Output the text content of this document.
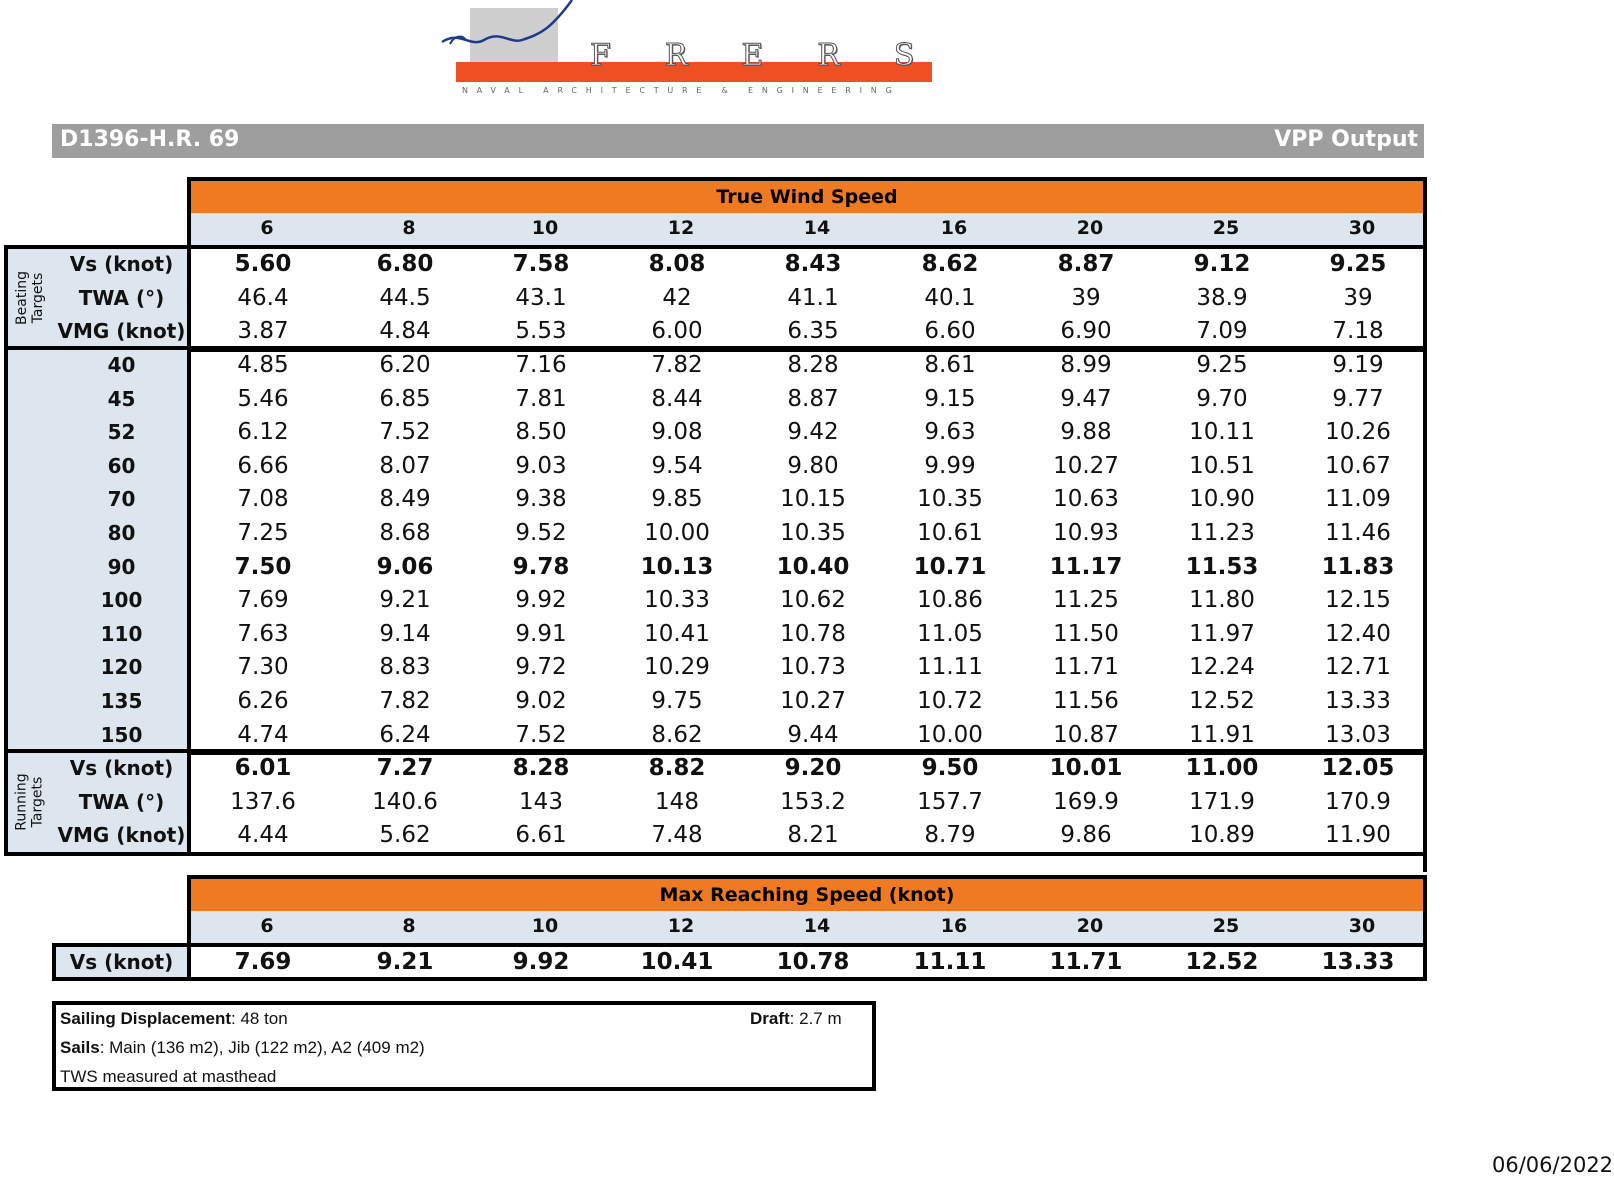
FRERS
NAVAL ARCHITECTURE & ENGINEERING
D1396-H.R. 69	VPP Output
True Wind Speed
6	8	10	12	14	16	20	25	30
Beating
Targets
Vs (knot)	5.60	6.80	7.58	8.08	8.43	8.62	8.87	9.12	9.25
TWA (°)	46.4	44.5	43.1	42	41.1	40.1	39	38.9	39
VMG (knot)	3.87	4.84	5.53	6.00	6.35	6.60	6.90	7.09	7.18
40	4.85	6.20	7.16	7.82	8.28	8.61	8.99	9.25	9.19
45	5.46	6.85	7.81	8.44	8.87	9.15	9.47	9.70	9.77
52	6.12	7.52	8.50	9.08	9.42	9.63	9.88	10.11	10.26
60	6.66	8.07	9.03	9.54	9.80	9.99	10.27	10.51	10.67
70	7.08	8.49	9.38	9.85	10.15	10.35	10.63	10.90	11.09
80	7.25	8.68	9.52	10.00	10.35	10.61	10.93	11.23	11.46
90	7.50	9.06	9.78	10.13	10.40	10.71	11.17	11.53	11.83
100	7.69	9.21	9.92	10.33	10.62	10.86	11.25	11.80	12.15
110	7.63	9.14	9.91	10.41	10.78	11.05	11.50	11.97	12.40
120	7.30	8.83	9.72	10.29	10.73	11.11	11.71	12.24	12.71
135	6.26	7.82	9.02	9.75	10.27	10.72	11.56	12.52	13.33
150	4.74	6.24	7.52	8.62	9.44	10.00	10.87	11.91	13.03
Running
Targets
Vs (knot)	6.01	7.27	8.28	8.82	9.20	9.50	10.01	11.00	12.05
TWA (°)	137.6	140.6	143	148	153.2	157.7	169.9	171.9	170.9
VMG (knot)	4.44	5.62	6.61	7.48	8.21	8.79	9.86	10.89	11.90
Max Reaching Speed (knot)
6	8	10	12	14	16	20	25	30
Vs (knot)	7.69	9.21	9.92	10.41	10.78	11.11	11.71	12.52	13.33
Sailing Displacement: 48 ton	Draft: 2.7 m
Sails: Main (136 m2), Jib (122 m2), A2 (409 m2)
TWS measured at masthead
06/06/2022
